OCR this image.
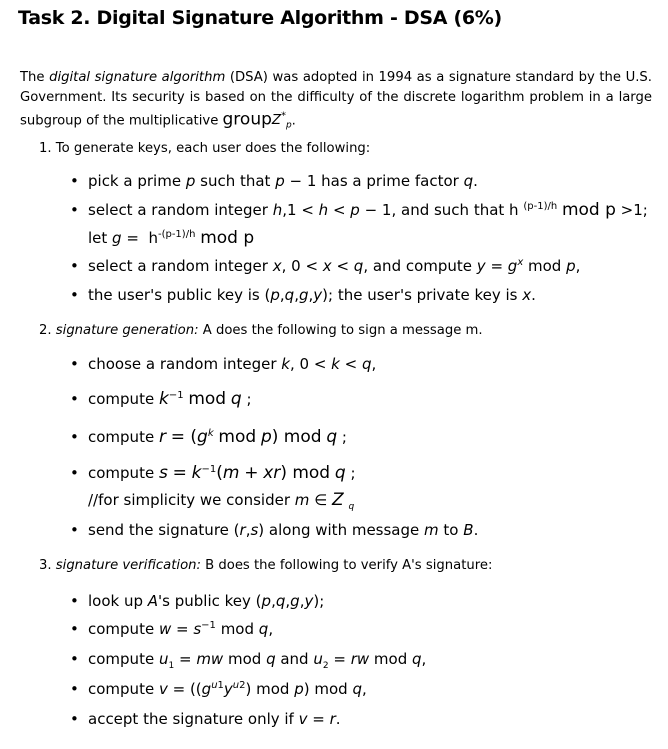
Task 2. Digital Signature Algorithm - DSA (6%)
The digital signature algorithm (DSA) was adopted in 1994 as a signature standard by the U.S. Government. Its security is based on the difficulty of the discrete logarithm problem in a large subgroup of the multiplicative groupZ*$_p$.
1. To generate keys, each user does the following:
• pick a prime p such that p − 1 has a prime factor q.
• select a random integer h,1 < h < p − 1, and such that h $^{(p-1)/h}$ mod p >1;
let $g = h^{-(p-1)/h}$ mod p
• select a random integer x, 0 < x < q, and compute $y = g^x$ mod p,
• the user's public key is (p,q,g,y); the user's private key is x.
2. signature generation: A does the following to sign a message m.
• choose a random integer k, 0 < k < q,
• compute $k^{-1}$ mod q ;
• compute $r = (g^k$ mod p) mod q ;
• compute $s = k^{-1}(m + xr)$ mod q ;
//for simplicity we consider m ∈ Z $_q$
• send the signature (r,s) along with message m to B.
3. signature verification: B does the following to verify A's signature:
• look up A's public key (p,q,g,y);
• compute $w = s^{-1}$ mod q,
• compute $u_1$ = mw mod q and $u_2$ = rw mod q,
• compute $v = ((g^{u1}y^{u2})$ mod p) mod q,
• accept the signature only if v = r.
